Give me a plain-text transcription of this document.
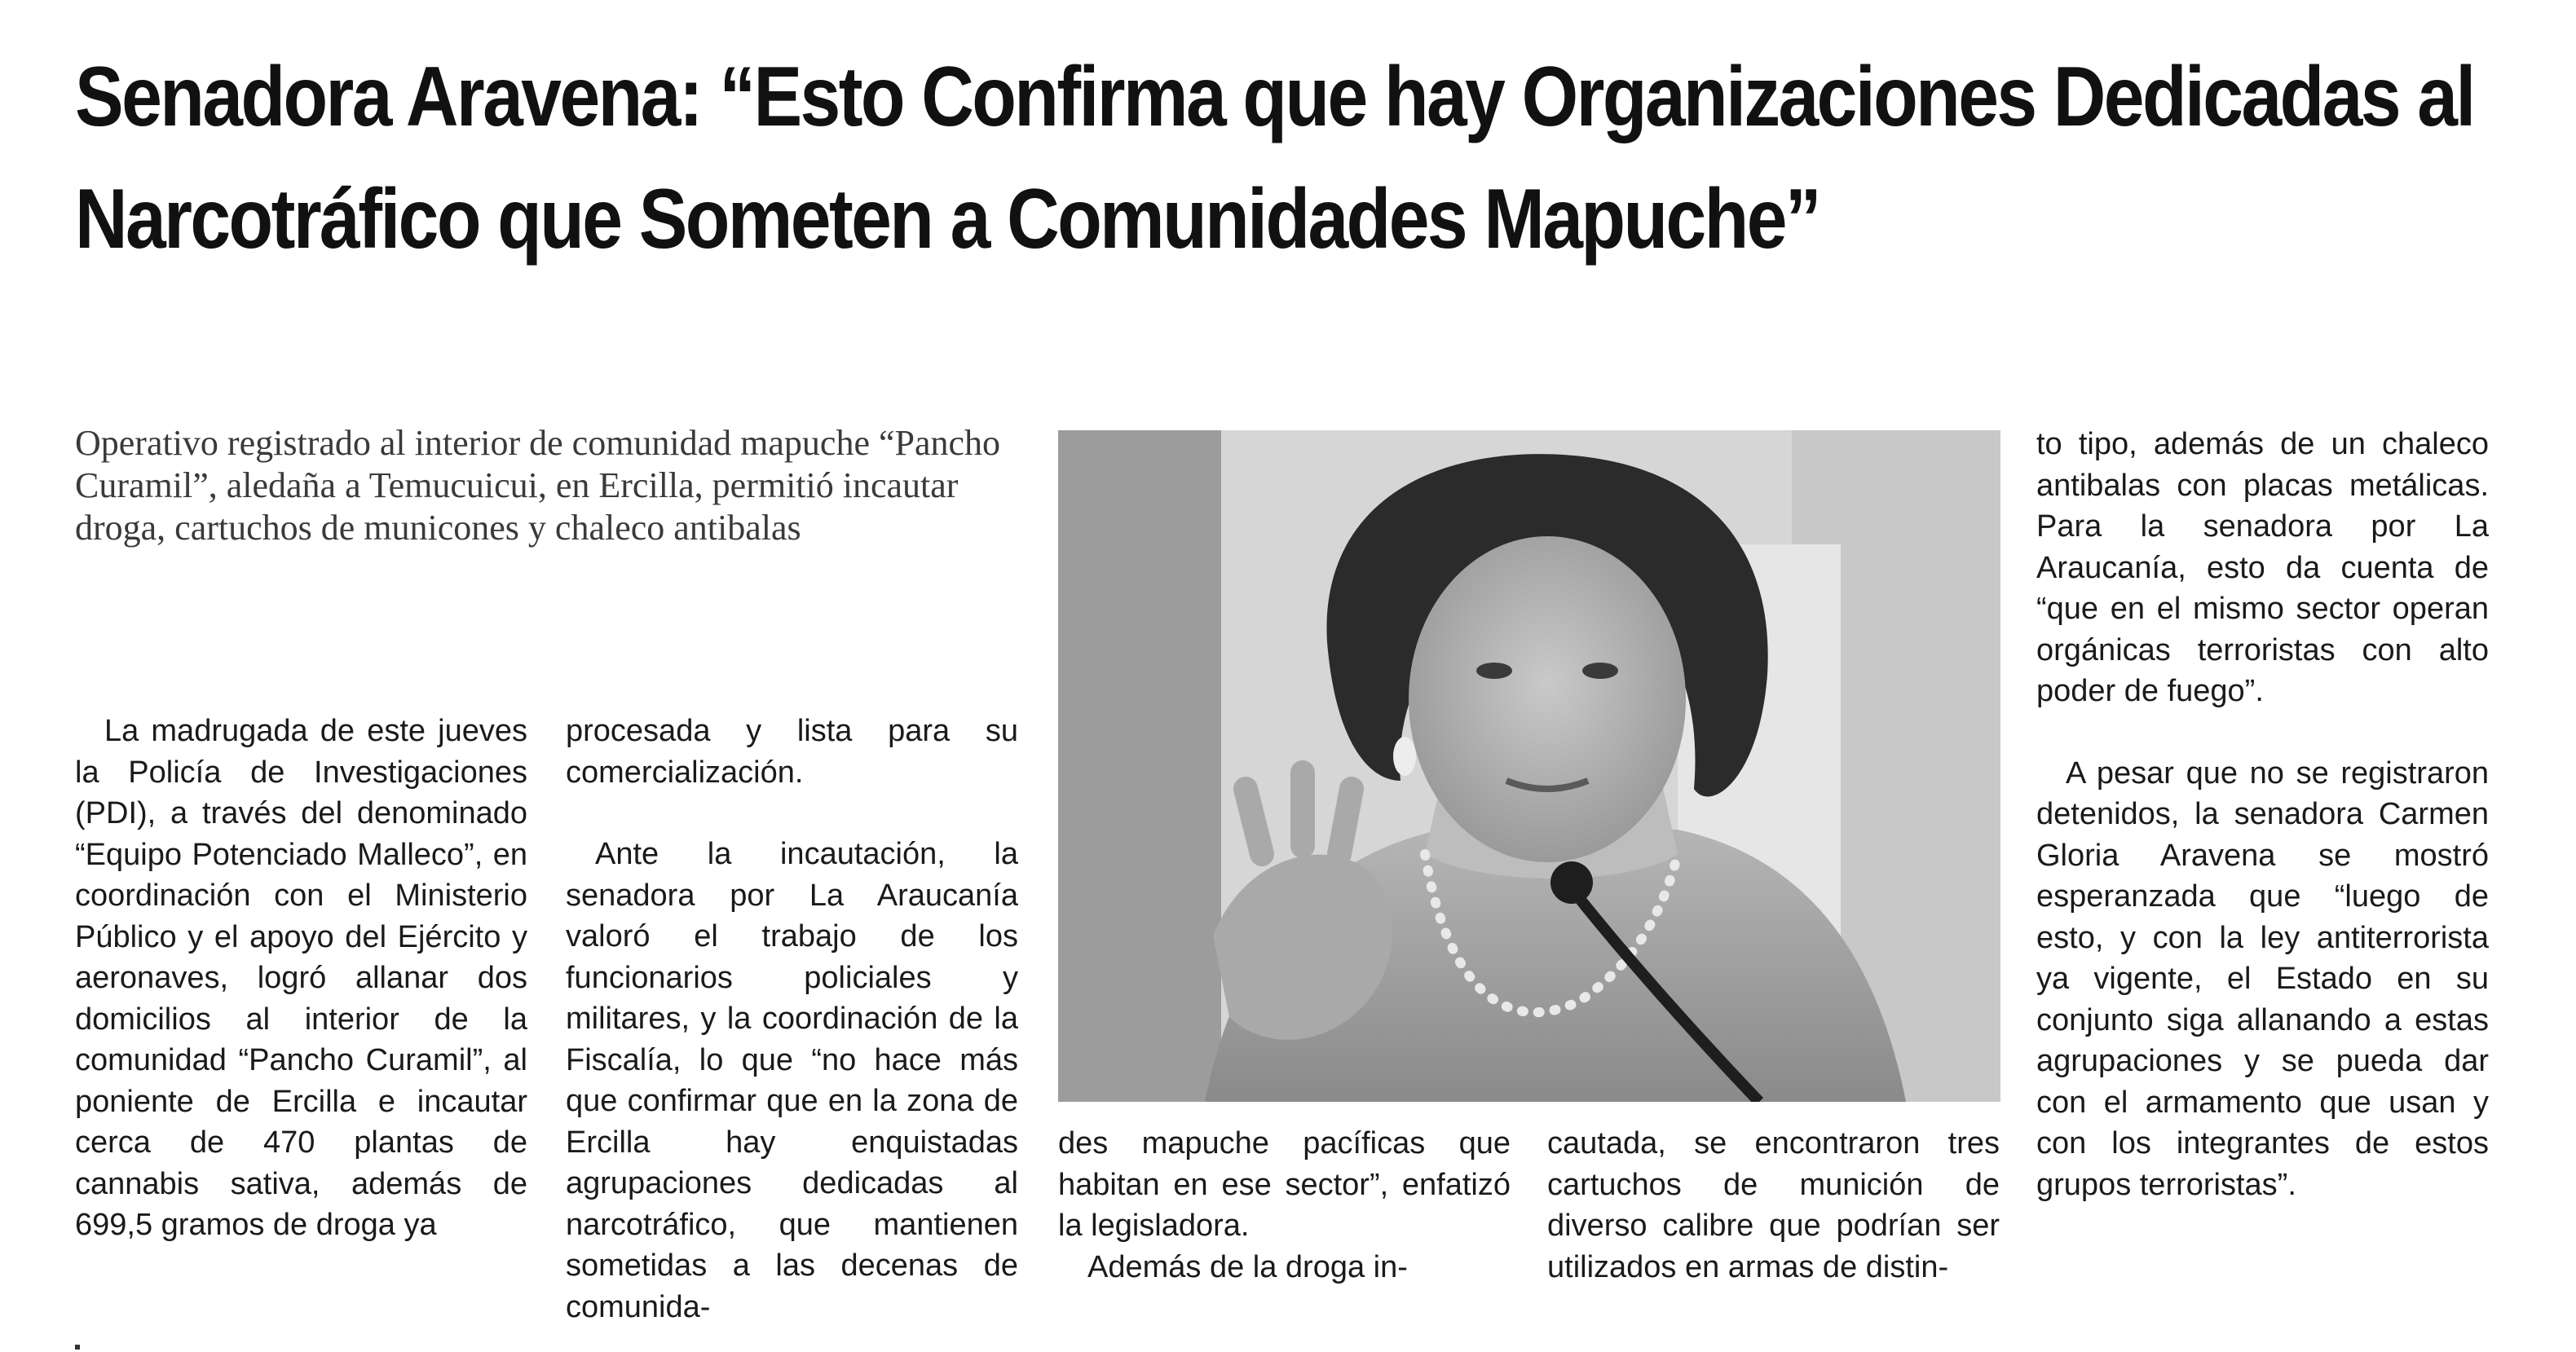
Senadora Aravena: “Esto Confirma que hay Organizaciones Dedicadas al Narcotráfico que Someten a Comunidades Mapuche”

Operativo registrado al interior de comunidad mapuche “Pancho Curamil”, aledaña a Temucuicui, en Ercilla, permitió incautar droga, cartuchos de municones y chaleco antibalas

La madrugada de este jueves la Policía de Investigaciones (PDI), a través del denominado “Equipo Potenciado Malleco”, en coordinación con el Ministerio Público y el apoyo del Ejército y aeronaves, logró allanar dos domicilios al interior de la comunidad “Pancho Curamil”, al poniente de Ercilla e incautar cerca de 470 plantas de cannabis sativa, además de 699,5 gramos de droga ya

procesada y lista para su comercialización.

Ante la incautación, la senadora por La Araucanía valoró el trabajo de los funcionarios policiales y militares, y la coordinación de la Fiscalía, lo que “no hace más que confirmar que en la zona de Ercilla hay enquistadas agrupaciones dedicadas al narcotráfico, que mantienen sometidas a las decenas de comunida-

des mapuche pacíficas que habitan en ese sector”, enfatizó la legisladora.

Además de la droga in-

cautada, se encontraron tres cartuchos de munición de diverso calibre que podrían ser utilizados en armas de distin-

to tipo, además de un chaleco antibalas con placas metálicas. Para la senadora por La Araucanía, esto da cuenta de “que en el mismo sector operan orgánicas terroristas con alto poder de fuego”.

A pesar que no se registraron detenidos, la senadora Carmen Gloria Aravena se mostró esperanzada que “luego de esto, y con la ley antiterrorista ya vigente, el Estado en su conjunto siga allanando a estas agrupaciones y se pueda dar con el armamento que usan y con los integrantes de estos grupos terroristas”.
